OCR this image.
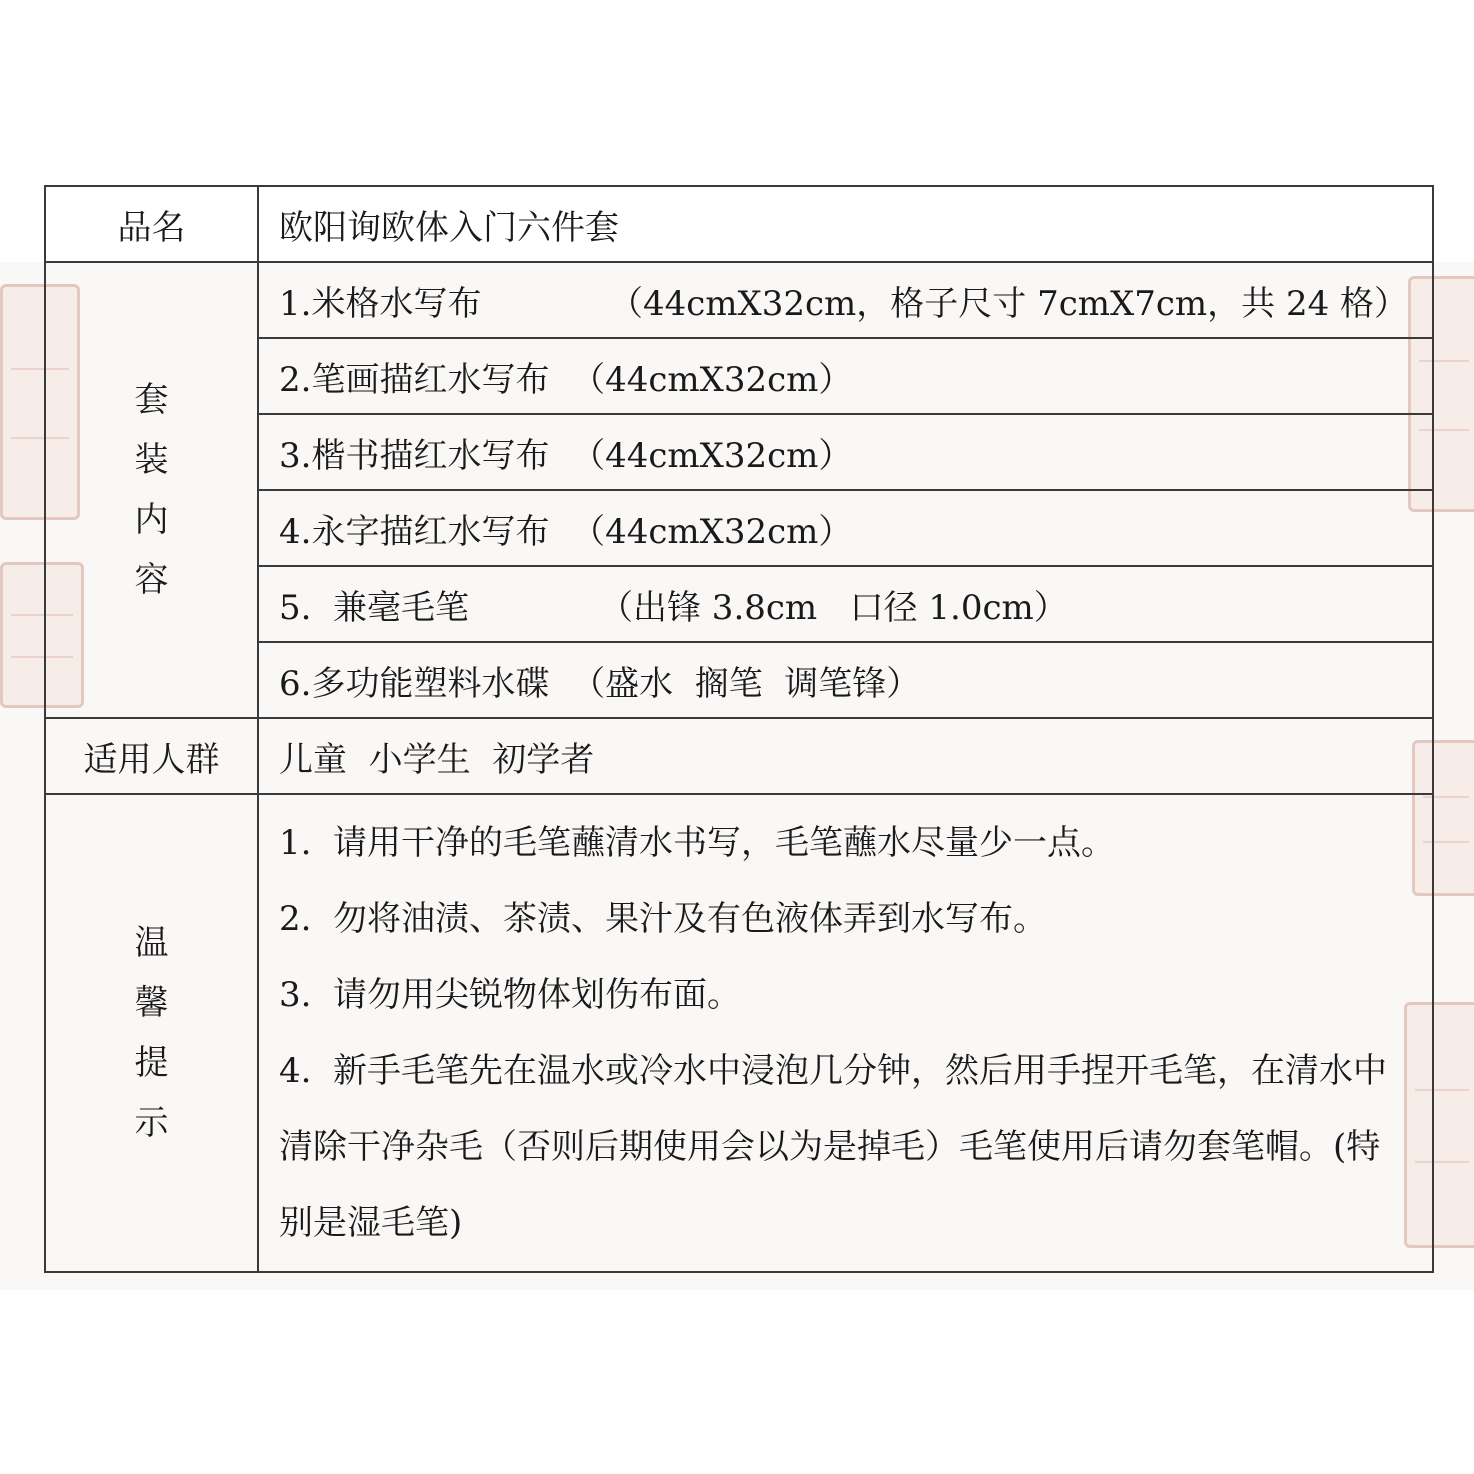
品名	欧阳询欧体入门六件套
套装内容	1.米格水写布 （44cmX32cm，格子尺寸 7cmX7cm，共 24 格）
	2.笔画描红水写布 （44cmX32cm）
	3.楷书描红水写布 （44cmX32cm）
	4.永字描红水写布 （44cmX32cm）
	5.  兼毫毛笔 （出锋 3.8cm   口径 1.0cm）
	6.多功能塑料水碟 （盛水  搁笔  调笔锋）
适用人群	儿童  小学生  初学者
温馨提示	1.  请用干净的毛笔蘸清水书写，毛笔蘸水尽量少一点。
2.  勿将油渍、茶渍、果汁及有色液体弄到水写布。
3.  请勿用尖锐物体划伤布面。
4.  新手毛笔先在温水或冷水中浸泡几分钟，然后用手捏开毛笔，在清水中清除干净杂毛（否则后期使用会以为是掉毛）毛笔使用后请勿套笔帽。(特别是湿毛笔)
